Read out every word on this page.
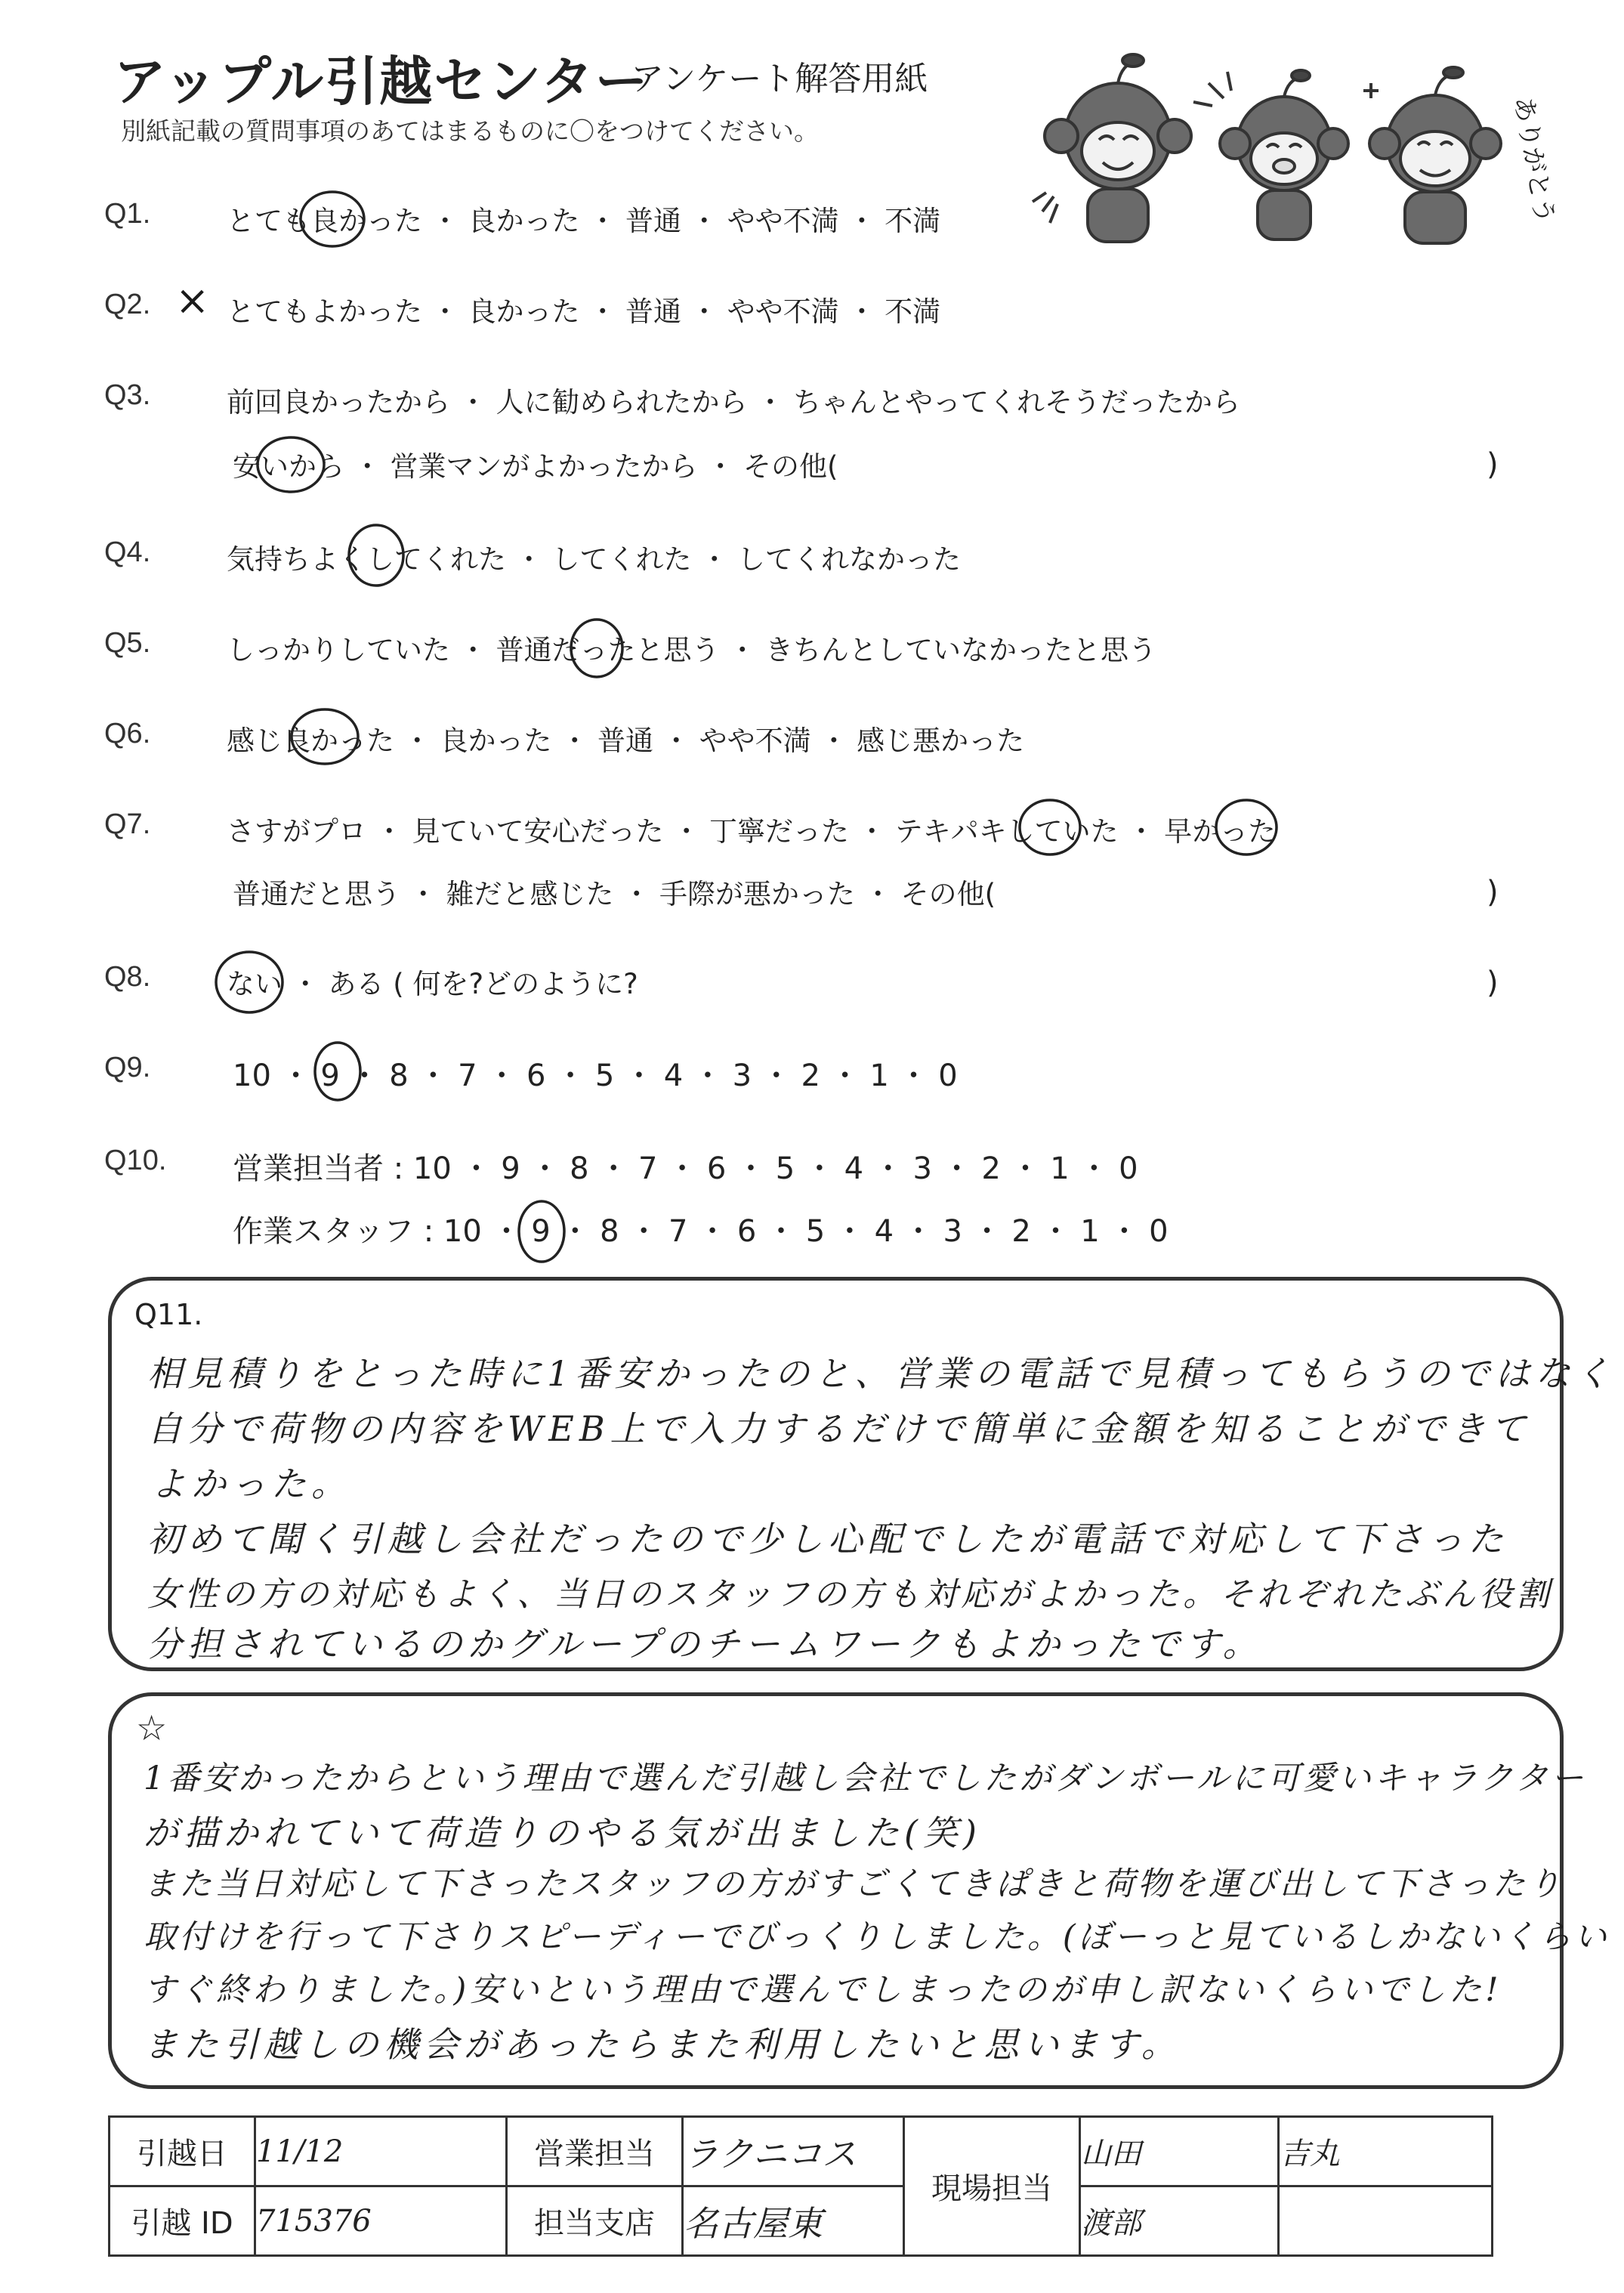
アップル引越センター
アンケート解答用紙
別紙記載の質問事項のあてはまるものに〇をつけてください。	ありがとう
Q1.	とても良かった ・ 良かった ・ 普通 ・ やや不満 ・ 不満
Q2. × とてもよかった ・ 良かった ・ 普通 ・ やや不満 ・ 不満
Q3.	前回良かったから ・ 人に勧められたから ・ ちゃんとやってくれそうだったから
安いから ・ 営業マンがよかったから ・ その他(	)
Q4.	気持ちよくしてくれた ・ してくれた ・ してくれなかった
Q5.	しっかりしていた ・ 普通だったと思う ・ きちんとしていなかったと思う
Q6.	感じ良かった ・ 良かった ・ 普通 ・ やや不満 ・ 感じ悪かった
Q7.	さすがプロ ・ 見ていて安心だった ・ 丁寧だった ・ テキパキしていた ・ 早かった
普通だと思う ・ 雑だと感じた ・ 手際が悪かった ・ その他(	)
Q8.	ない ・ ある ( 何を?どのように?	)
Q9.	10 ・ 9 ・ 8 ・ 7 ・ 6 ・ 5 ・ 4 ・ 3 ・ 2 ・ 1 ・ 0
Q10. 営業担当者 : 10 ・ 9 ・ 8 ・ 7 ・ 6 ・ 5 ・ 4 ・ 3 ・ 2 ・ 1 ・ 0
作業スタッフ : 10 ・ 9 ・ 8 ・ 7 ・ 6 ・ 5 ・ 4 ・ 3 ・ 2 ・ 1 ・ 0
Q11.
相見積りをとった時に1番安かったのと、営業の電話で見積ってもらうのではなく
自分で荷物の内容をWEB上で入力するだけで簡単に金額を知ることができて
よかった。
初めて聞く引越し会社だったので少し心配でしたが電話で対応して下さった
女性の方の対応もよく、当日のスタッフの方も対応がよかった。それぞれたぶん役割
分担されているのかグループのチームワークもよかったです。
☆
1番安かったからという理由で選んだ引越し会社でしたがダンボールに可愛いキャラクター
が描かれていて荷造りのやる気が出ました(笑)
また当日対応して下さったスタッフの方がすごくてきぱきと荷物を運び出して下さったり
取付けを行って下さりスピーディーでびっくりしました。(ぼーっと見ているしかないくらい
すぐ終わりました。)安いという理由で選んでしまったのが申し訳ないくらいでした!
また引越しの機会があったらまた利用したいと思います。
引越日	11/12	営業担当	ラクニコス	現場担当	山田	吉丸
引越 ID	715376	担当支店	名古屋東		渡部	
